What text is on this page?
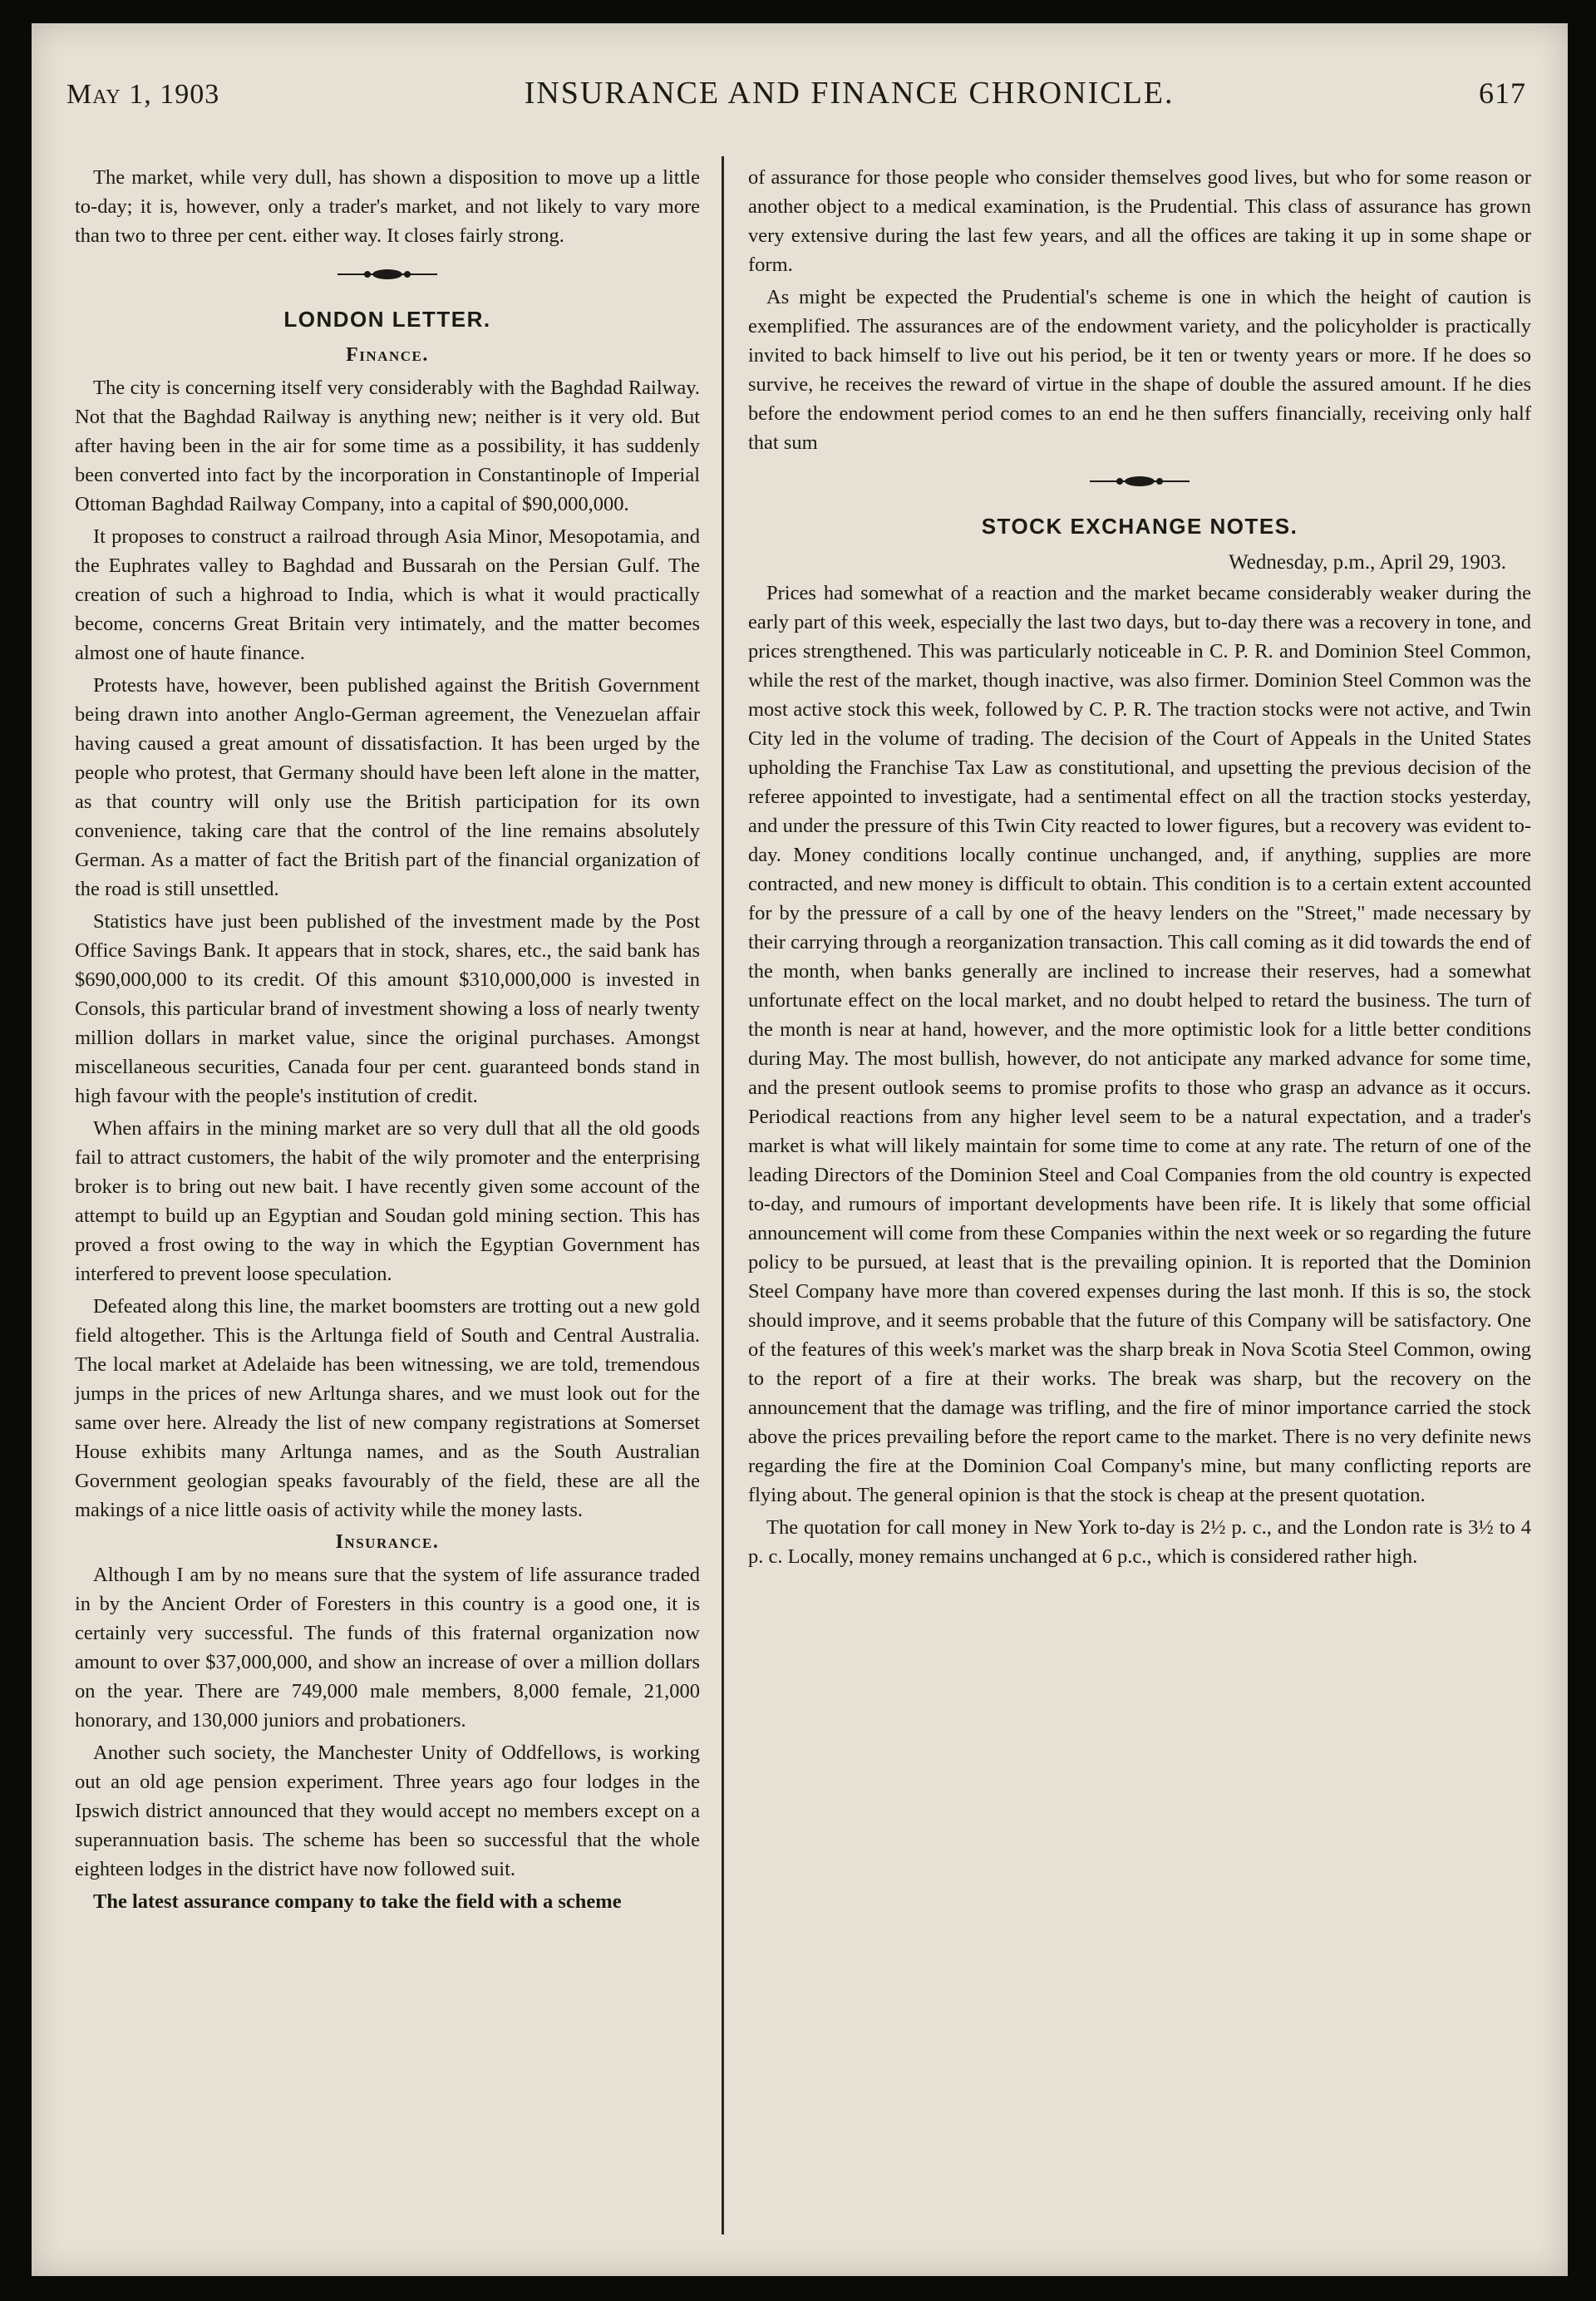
May 1, 1903	INSURANCE AND FINANCE CHRONICLE.	617

The market, while very dull, has shown a disposition to move up a little to-day; it is, however, only a trader's market, and not likely to vary more than two to three per cent. either way. It closes fairly strong.

LONDON LETTER.
Finance.

The city is concerning itself very considerably with the Baghdad Railway. Not that the Baghdad Railway is anything new; neither is it very old. But after having been in the air for some time as a possibility, it has suddenly been converted into fact by the incorporation in Constantinople of Imperial Ottoman Baghdad Railway Company, into a capital of $90,000,000.

It proposes to construct a railroad through Asia Minor, Mesopotamia, and the Euphrates valley to Baghdad and Bussarah on the Persian Gulf. The creation of such a highroad to India, which is what it would practically become, concerns Great Britain very intimately, and the matter becomes almost one of haute finance.

Protests have, however, been published against the British Government being drawn into another Anglo-German agreement, the Venezuelan affair having caused a great amount of dissatisfaction. It has been urged by the people who protest, that Germany should have been left alone in the matter, as that country will only use the British participation for its own convenience, taking care that the control of the line remains absolutely German. As a matter of fact the British part of the financial organization of the road is still unsettled.

Statistics have just been published of the investment made by the Post Office Savings Bank. It appears that in stock, shares, etc., the said bank has $690,000,000 to its credit. Of this amount $310,000,000 is invested in Consols, this particular brand of investment showing a loss of nearly twenty million dollars in market value, since the original purchases. Amongst miscellaneous securities, Canada four per cent. guaranteed bonds stand in high favour with the people's institution of credit.

When affairs in the mining market are so very dull that all the old goods fail to attract customers, the habit of the wily promoter and the enterprising broker is to bring out new bait. I have recently given some account of the attempt to build up an Egyptian and Soudan gold mining section. This has proved a frost owing to the way in which the Egyptian Government has interfered to prevent loose speculation.

Defeated along this line, the market boomsters are trotting out a new gold field altogether. This is the Arltunga field of South and Central Australia. The local market at Adelaide has been witnessing, we are told, tremendous jumps in the prices of new Arltunga shares, and we must look out for the same over here. Already the list of new company registrations at Somerset House exhibits many Arltunga names, and as the South Australian Government geologian speaks favourably of the field, these are all the makings of a nice little oasis of activity while the money lasts.

Insurance.

Although I am by no means sure that the system of life assurance traded in by the Ancient Order of Foresters in this country is a good one, it is certainly very successful. The funds of this fraternal organization now amount to over $37,000,000, and show an increase of over a million dollars on the year. There are 749,000 male members, 8,000 female, 21,000 honorary, and 130,000 juniors and probationers.

Another such society, the Manchester Unity of Oddfellows, is working out an old age pension experiment. Three years ago four lodges in the Ipswich district announced that they would accept no members except on a superannuation basis. The scheme has been so successful that the whole eighteen lodges in the district have now followed suit.

The latest assurance company to take the field with a scheme

of assurance for those people who consider themselves good lives, but who for some reason or another object to a medical examination, is the Prudential. This class of assurance has grown very extensive during the last few years, and all the offices are taking it up in some shape or form.

As might be expected the Prudential's scheme is one in which the height of caution is exemplified. The assurances are of the endowment variety, and the policyholder is practically invited to back himself to live out his period, be it ten or twenty years or more. If he does so survive, he receives the reward of virtue in the shape of double the assured amount. If he dies before the endowment period comes to an end he then suffers financially, receiving only half that sum

STOCK EXCHANGE NOTES.
Wednesday, p.m., April 29, 1903.

Prices had somewhat of a reaction and the market became considerably weaker during the early part of this week, especially the last two days, but to-day there was a recovery in tone, and prices strengthened. This was particularly noticeable in C. P. R. and Dominion Steel Common, while the rest of the market, though inactive, was also firmer. Dominion Steel Common was the most active stock this week, followed by C. P. R. The traction stocks were not active, and Twin City led in the volume of trading. The decision of the Court of Appeals in the United States upholding the Franchise Tax Law as constitutional, and upsetting the previous decision of the referee appointed to investigate, had a sentimental effect on all the traction stocks yesterday, and under the pressure of this Twin City reacted to lower figures, but a recovery was evident to-day. Money conditions locally continue unchanged, and, if anything, supplies are more contracted, and new money is difficult to obtain. This condition is to a certain extent accounted for by the pressure of a call by one of the heavy lenders on the "Street," made necessary by their carrying through a reorganization transaction. This call coming as it did towards the end of the month, when banks generally are inclined to increase their reserves, had a somewhat unfortunate effect on the local market, and no doubt helped to retard the business. The turn of the month is near at hand, however, and the more optimistic look for a little better conditions during May. The most bullish, however, do not anticipate any marked advance for some time, and the present outlook seems to promise profits to those who grasp an advance as it occurs. Periodical reactions from any higher level seem to be a natural expectation, and a trader's market is what will likely maintain for some time to come at any rate. The return of one of the leading Directors of the Dominion Steel and Coal Companies from the old country is expected to-day, and rumours of important developments have been rife. It is likely that some official announcement will come from these Companies within the next week or so regarding the future policy to be pursued, at least that is the prevailing opinion. It is reported that the Dominion Steel Company have more than covered expenses during the last monh. If this is so, the stock should improve, and it seems probable that the future of this Company will be satisfactory. One of the features of this week's market was the sharp break in Nova Scotia Steel Common, owing to the report of a fire at their works. The break was sharp, but the recovery on the announcement that the damage was trifling, and the fire of minor importance carried the stock above the prices prevailing before the report came to the market. There is no very definite news regarding the fire at the Dominion Coal Company's mine, but many conflicting reports are flying about. The general opinion is that the stock is cheap at the present quotation.

The quotation for call money in New York to-day is 2½ p. c., and the London rate is 3½ to 4 p. c. Locally, money remains unchanged at 6 p.c., which is considered rather high.
